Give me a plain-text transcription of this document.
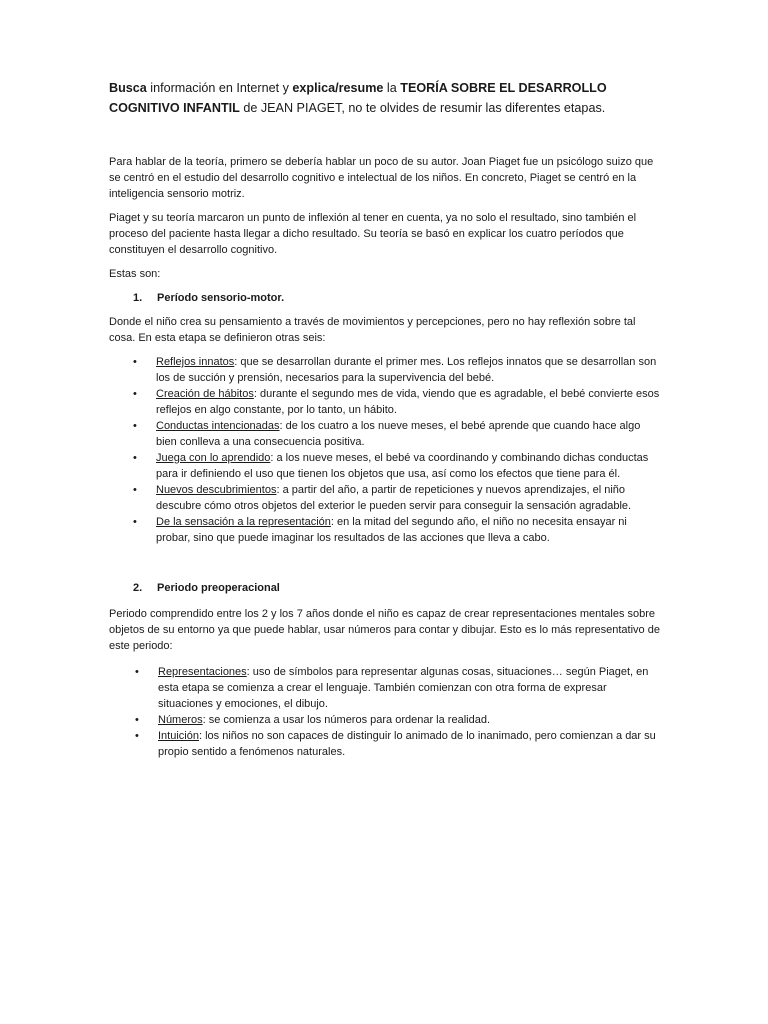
Busca información en Internet y explica/resume la TEORÍA SOBRE EL DESARROLLO COGNITIVO INFANTIL de JEAN PIAGET, no te olvides de resumir las diferentes etapas.

Para hablar de la teoría, primero se debería hablar un poco de su autor. Joan Piaget fue un psicólogo suizo que se centró en el estudio del desarrollo cognitivo e intelectual de los niños. En concreto, Piaget se centró en la inteligencia sensorio motriz.

Piaget y su teoría marcaron un punto de inflexión al tener en cuenta, ya no solo el resultado, sino también el proceso del paciente hasta llegar a dicho resultado. Su teoría se basó en explicar los cuatro períodos que constituyen el desarrollo cognitivo.

Estas son:

1.	Período sensorio-motor.

Donde el niño crea su pensamiento a través de movimientos y percepciones, pero no hay reflexión sobre tal cosa. En esta etapa se definieron otras seis:

• Reflejos innatos: que se desarrollan durante el primer mes. Los reflejos innatos que se desarrollan son los de succión y prensión, necesarios para la supervivencia del bebé.
• Creación de hábitos: durante el segundo mes de vida, viendo que es agradable, el bebé convierte esos reflejos en algo constante, por lo tanto, un hábito.
• Conductas intencionadas: de los cuatro a los nueve meses, el bebé aprende que cuando hace algo bien conlleva a una consecuencia positiva.
• Juega con lo aprendido: a los nueve meses, el bebé va coordinando y combinando dichas conductas para ir definiendo el uso que tienen los objetos que usa, así como los efectos que tiene para él.
• Nuevos descubrimientos: a partir del año, a partir de repeticiones y nuevos aprendizajes, el niño descubre cómo otros objetos del exterior le pueden servir para conseguir la sensación agradable.
• De la sensación a la representación: en la mitad del segundo año, el niño no necesita ensayar ni probar, sino que puede imaginar los resultados de las acciones que lleva a cabo.
2.	Periodo preoperacional

Periodo comprendido entre los 2 y los 7 años donde el niño es capaz de crear representaciones mentales sobre objetos de su entorno ya que puede hablar, usar números para contar y dibujar. Esto es lo más representativo de este periodo:

• Representaciones: uso de símbolos para representar algunas cosas, situaciones… según Piaget, en esta etapa se comienza a crear el lenguaje. También comienzan con otra forma de expresar situaciones y emociones, el dibujo.
• Números: se comienza a usar los números para ordenar la realidad.
• Intuición: los niños no son capaces de distinguir lo animado de lo inanimado, pero comienzan a dar su propio sentido a fenómenos naturales.
